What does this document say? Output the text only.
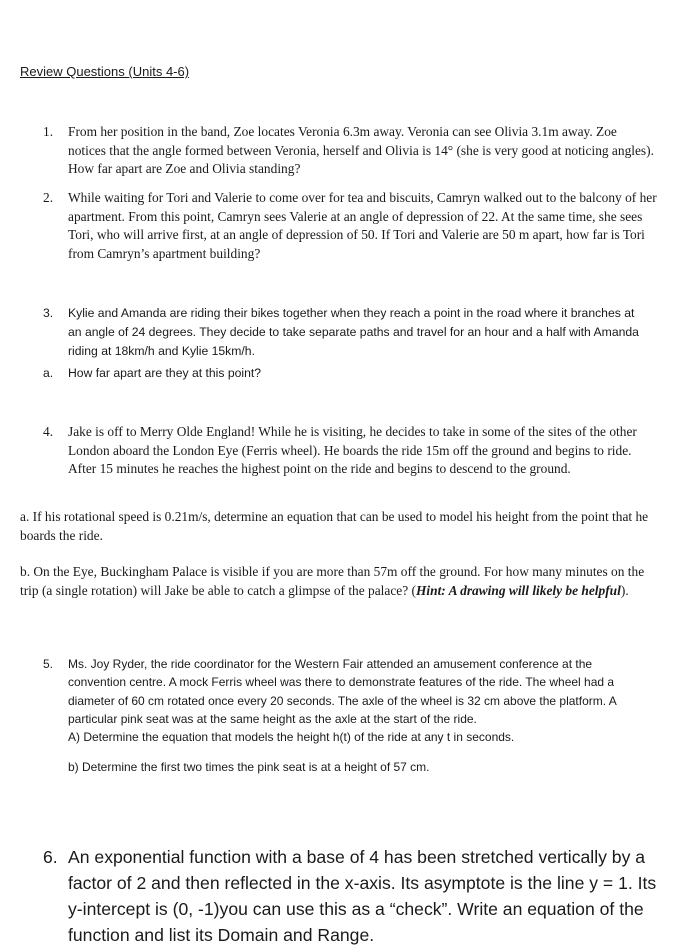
Review Questions (Units 4-6)
1. From her position in the band, Zoe locates Veronia 6.3m away. Veronia can see Olivia 3.1m away. Zoe notices that the angle formed between Veronia, herself and Olivia is 14° (she is very good at noticing angles). How far apart are Zoe and Olivia standing?
2. While waiting for Tori and Valerie to come over for tea and biscuits, Camryn walked out to the balcony of her apartment. From this point, Camryn sees Valerie at an angle of depression of 22. At the same time, she sees Tori, who will arrive first, at an angle of depression of 50. If Tori and Valerie are 50 m apart, how far is Tori from Camryn’s apartment building?
3. Kylie and Amanda are riding their bikes together when they reach a point in the road where it branches at an angle of 24 degrees. They decide to take separate paths and travel for an hour and a half with Amanda riding at 18km/h and Kylie 15km/h.
a. How far apart are they at this point?
4. Jake is off to Merry Olde England! While he is visiting, he decides to take in some of the sites of the other London aboard the London Eye (Ferris wheel). He boards the ride 15m off the ground and begins to ride. After 15 minutes he reaches the highest point on the ride and begins to descend to the ground.
a. If his rotational speed is 0.21m/s, determine an equation that can be used to model his height from the point that he boards the ride.
b. On the Eye, Buckingham Palace is visible if you are more than 57m off the ground. For how many minutes on the trip (a single rotation) will Jake be able to catch a glimpse of the palace? (Hint: A drawing will likely be helpful).
5. Ms. Joy Ryder, the ride coordinator for the Western Fair attended an amusement conference at the convention centre. A mock Ferris wheel was there to demonstrate features of the ride. The wheel had a diameter of 60 cm rotated once every 20 seconds. The axle of the wheel is 32 cm above the platform. A particular pink seat was at the same height as the axle at the start of the ride.
A) Determine the equation that models the height h(t) of the ride at any t in seconds.
b) Determine the first two times the pink seat is at a height of 57 cm.
6. An exponential function with a base of 4 has been stretched vertically by a factor of 2 and then reflected in the x-axis. Its asymptote is the line y = 1. Its y-intercept is (0, -1)you can use this as a “check”. Write an equation of the function and list its Domain and Range.
